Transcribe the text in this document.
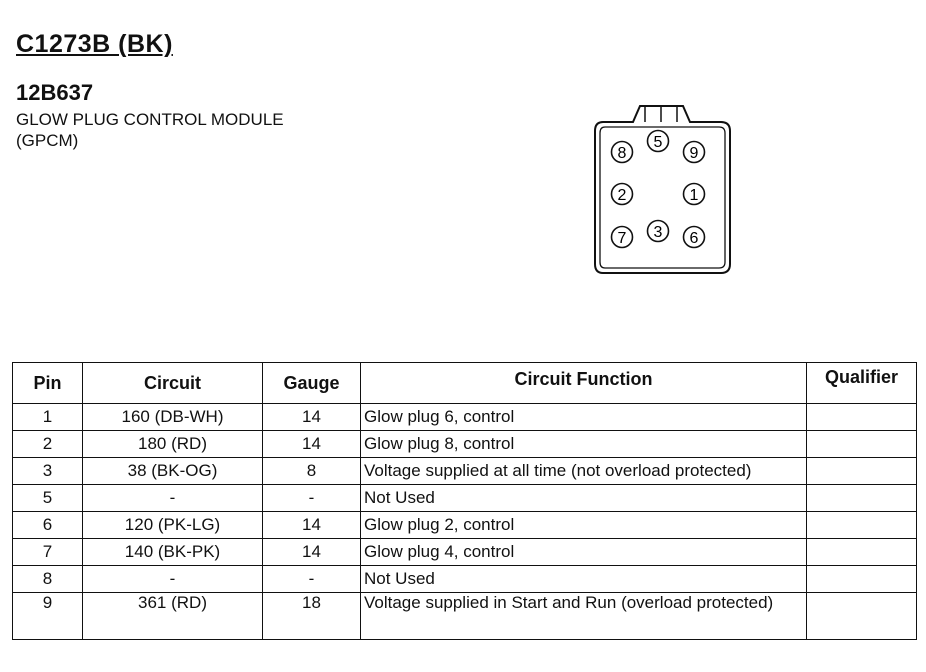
C1273B (BK)
12B637
GLOW PLUG CONTROL MODULE
(GPCM)	5
8	9
2	1
7 3 6
Pin	Circuit	Gauge	Circuit Function	Qualifier
1	160 (DB-WH)	14	Glow plug 6, control	
2	180 (RD)	14	Glow plug 8, control	
3	38 (BK-OG)	8	Voltage supplied at all time (not overload protected)	
5	-	-	Not Used	
6	120 (PK-LG)	14	Glow plug 2, control	
7	140 (BK-PK)	14	Glow plug 4, control	
8	-	-	Not Used	
9	361 (RD)	18	Voltage supplied in Start and Run (overload protected)	
